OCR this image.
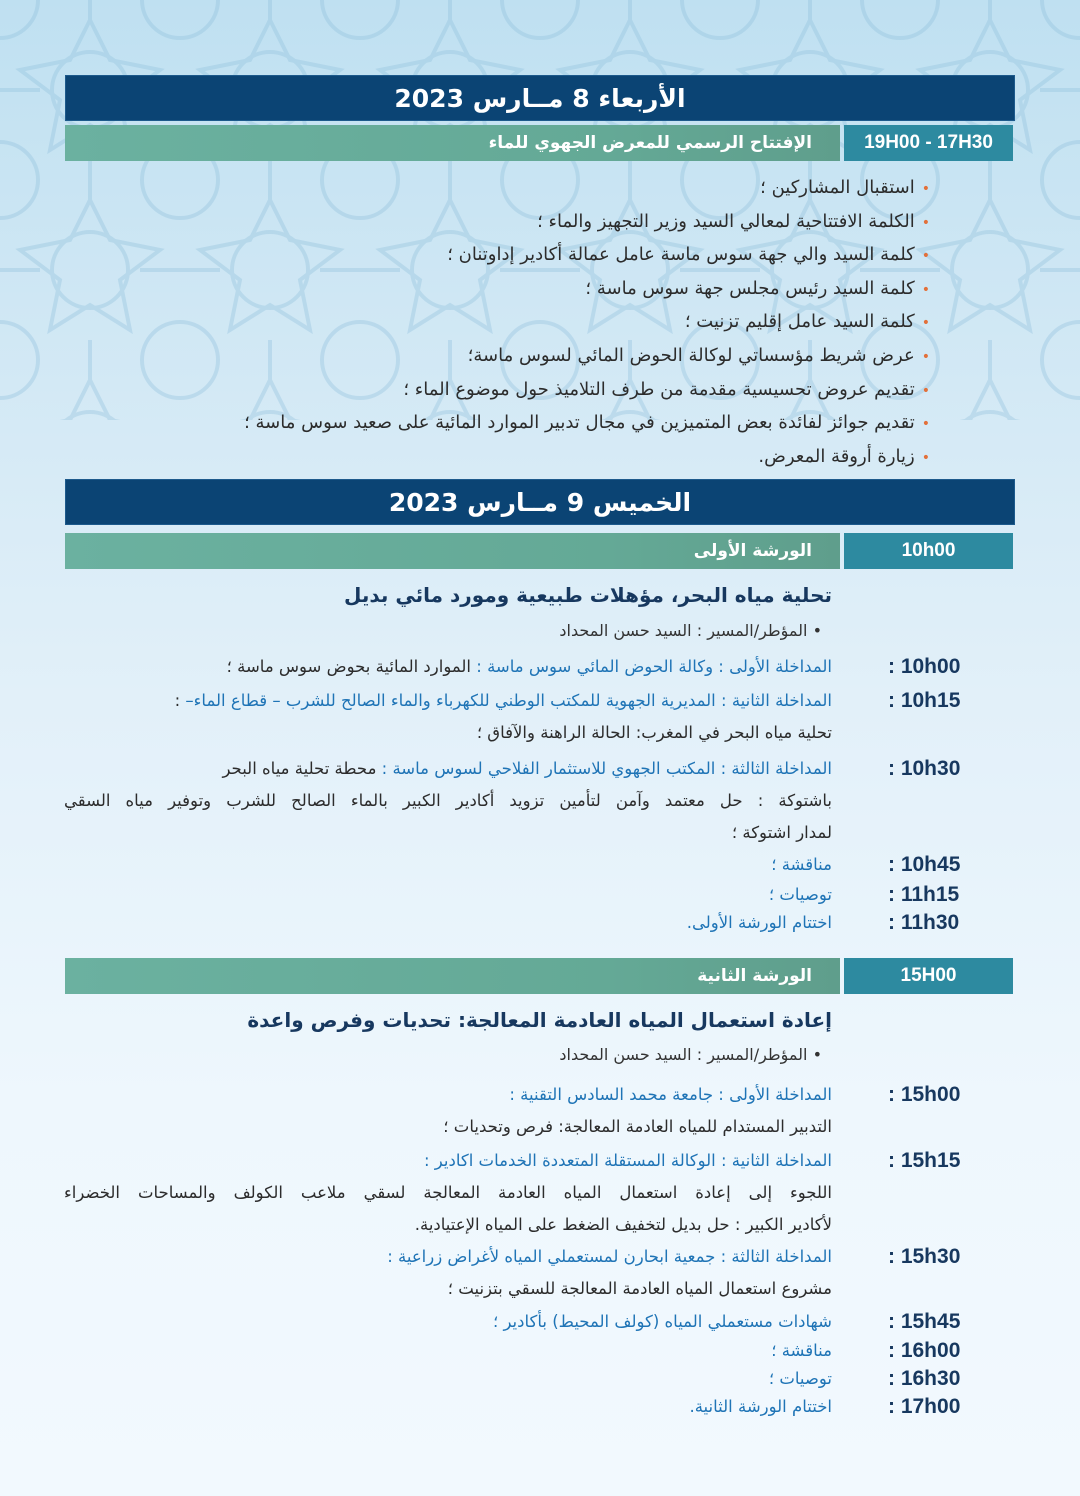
الأربعاء 8 مــارس 2023
الإفتتاح الرسمي للمعرض الجهوي للماء	19H00 - 17H30
•استقبال المشاركين ؛
•الكلمة الافتتاحية لمعالي السيد وزير التجهيز والماء ؛
•كلمة السيد والي جهة سوس ماسة عامل عمالة أكادير إداوتنان ؛
•كلمة السيد رئيس مجلس جهة سوس ماسة ؛
•كلمة السيد عامل إقليم تزنيت ؛
•عرض شريط مؤسساتي لوكالة الحوض المائي لسوس ماسة؛
•تقديم عروض تحسيسية مقدمة من طرف التلاميذ حول موضوع الماء ؛
•تقديم جوائز لفائدة بعض المتميزين في مجال تدبير الموارد المائية على صعيد سوس ماسة ؛
•زيارة أروقة المعرض.
الخميس 9 مــارس 2023
الورشة الأولى	10h00
تحلية مياه البحر، مؤهلات طبيعية ومورد مائي بديل
• المؤطر/المسير : السيد حسن المحداد
: 10h00
المداخلة الأولى : وكالة الحوض المائي سوس ماسة : الموارد المائية بحوض سوس ماسة ؛
: 10h15
المداخلة الثانية : المديرية الجهوية للمكتب الوطني للكهرباء والماء الصالح للشرب – قطاع الماء– :
تحلية مياه البحر في المغرب: الحالة الراهنة والآفاق ؛
: 10h30
المداخلة الثالثة : المكتب الجهوي للاستثمار الفلاحي لسوس ماسة : محطة تحلية مياه البحر
باشتوكة : حل معتمد وآمن لتأمين تزويد أكادير الكبير بالماء الصالح للشرب وتوفير مياه السقي
لمدار اشتوكة ؛
: 10h45
مناقشة ؛
: 11h15
توصيات ؛
: 11h30
اختتام الورشة الأولى.
الورشة الثانية	15H00
إعادة استعمال المياه العادمة المعالجة: تحديات وفرص واعدة
• المؤطر/المسير : السيد حسن المحداد
: 15h00
المداخلة الأولى : جامعة محمد السادس التقنية :
التدبير المستدام للمياه العادمة المعالجة: فرص وتحديات ؛
: 15h15
المداخلة الثانية : الوكالة المستقلة المتعددة الخدمات اكادير :
اللجوء إلى إعادة استعمال المياه العادمة المعالجة لسقي ملاعب الكولف والمساحات الخضراء
لأكادير الكبير : حل بديل لتخفيف الضغط على المياه الإعتيادية.
: 15h30
المداخلة الثالثة : جمعية ابحارن لمستعملي المياه لأغراض زراعية :
مشروع استعمال المياه العادمة المعالجة للسقي بتزنيت ؛
: 15h45
شهادات مستعملي المياه (كولف المحيط) بأكادير ؛
: 16h00
مناقشة ؛
: 16h30
توصيات ؛
: 17h00
اختتام الورشة الثانية.
